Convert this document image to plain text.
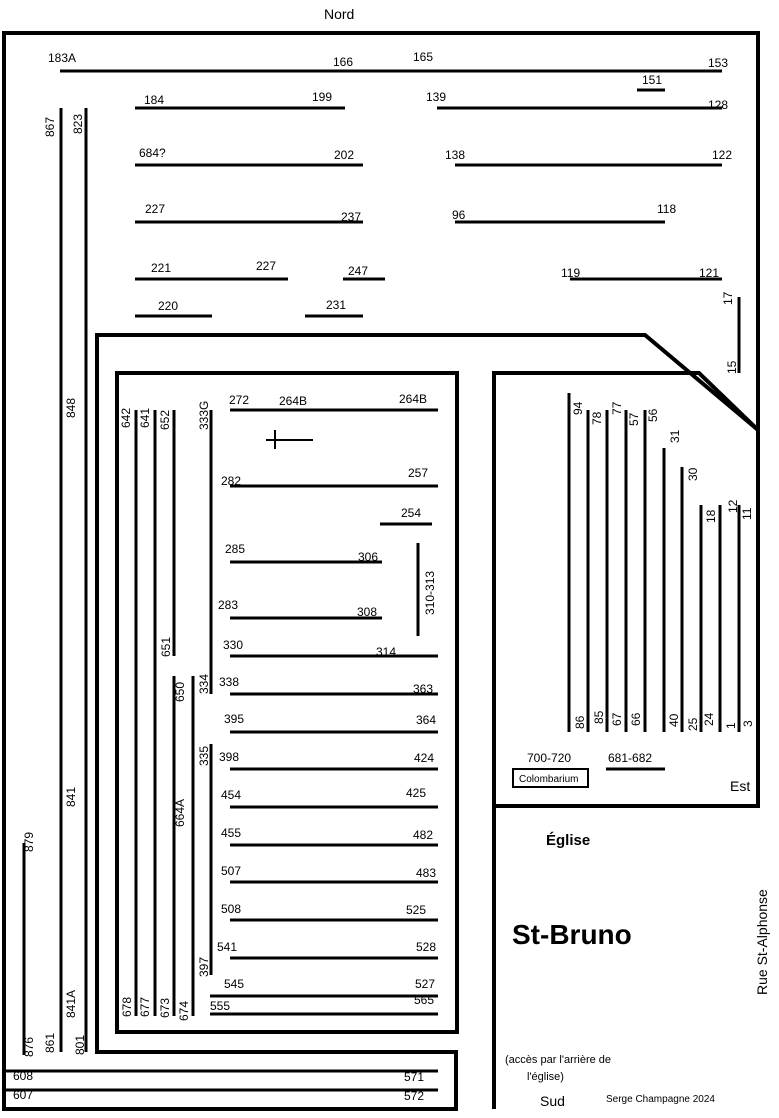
Nord
Sud
Est
Rue St-Alphonse
Église
St-Bruno
(accès par l'arrière de
l'église)
Serge Champagne 2024
183A	166	165	153
151
184	199	139
128
684?	202	138	122
227
237	96	118
221	227	247	119	121
220	231	17
15
867 823
848
841
841A
861 801
879
876
642 641 652 333G
651
650 334
335
664A
397
678 677 673 674
272 264B	264B
282
257
254
285
306
310-313
283	308
330	314
338	363
395	364
398	424
454	425
455	482
507	483
508	525
541	528
545	527
565
555
608	571
607	572
94
78
77
57 56
31
30
18
12
11
86 85 67 66 40 25 24 1 3
700-720
Colombarium
681-682
